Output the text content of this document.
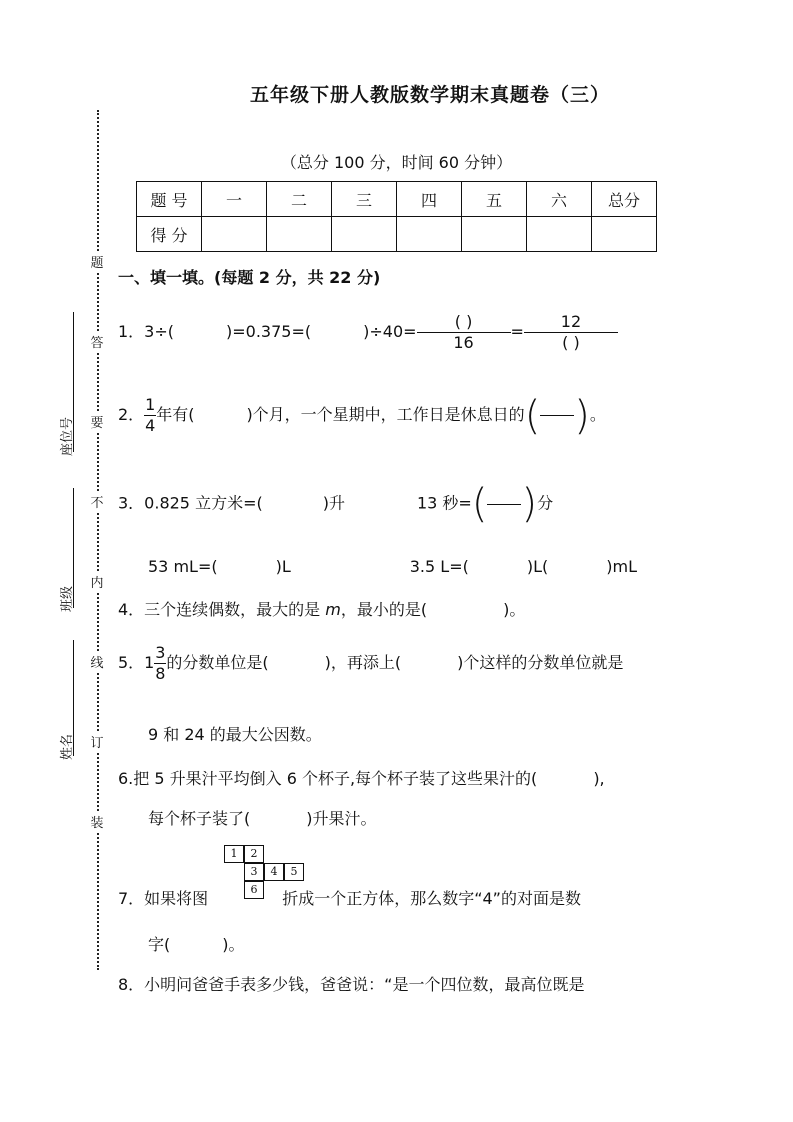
五年级下册人教版数学期末真题卷（三）
（总分 100 分，时间 60 分钟）
题 号	一	二	三	四	五	六	总分
得 分							
题
答
要
不
内
线
订
装
座位号
班级
姓名
一、填一填。(每题 2 分，共 22 分)
1．3÷(	)=0.375=(	)$\div 40= \frac{( )}{16} = \frac{12}{( )}$
2． $\frac{1}{4}$ 年有(	)个月，一个星期中，工作日是休息日的( )。
3．0.825 立方米=(	)升	13 秒=( )分
53 mL=(	)L	3.5 L=(	)L(	)mL
4．三个连续偶数，最大的是 m，最小的是(	)。
5．$1 \frac{3}{8}$ 的分数单位是(	)，再添上(	)个这样的分数单位就是
9 和 24 的最大公因数。
6.把 5 升果汁平均倒入 6 个杯子,每个杯子装了这些果汁的(	),
每个杯子装了(	)升果汁。
1	2
3	4	5
6
7．如果将图	折成一个正方体，那么数字“4”的对面是数
字(	)。
8．小明问爸爸手表多少钱，爸爸说：“是一个四位数，最高位既是
